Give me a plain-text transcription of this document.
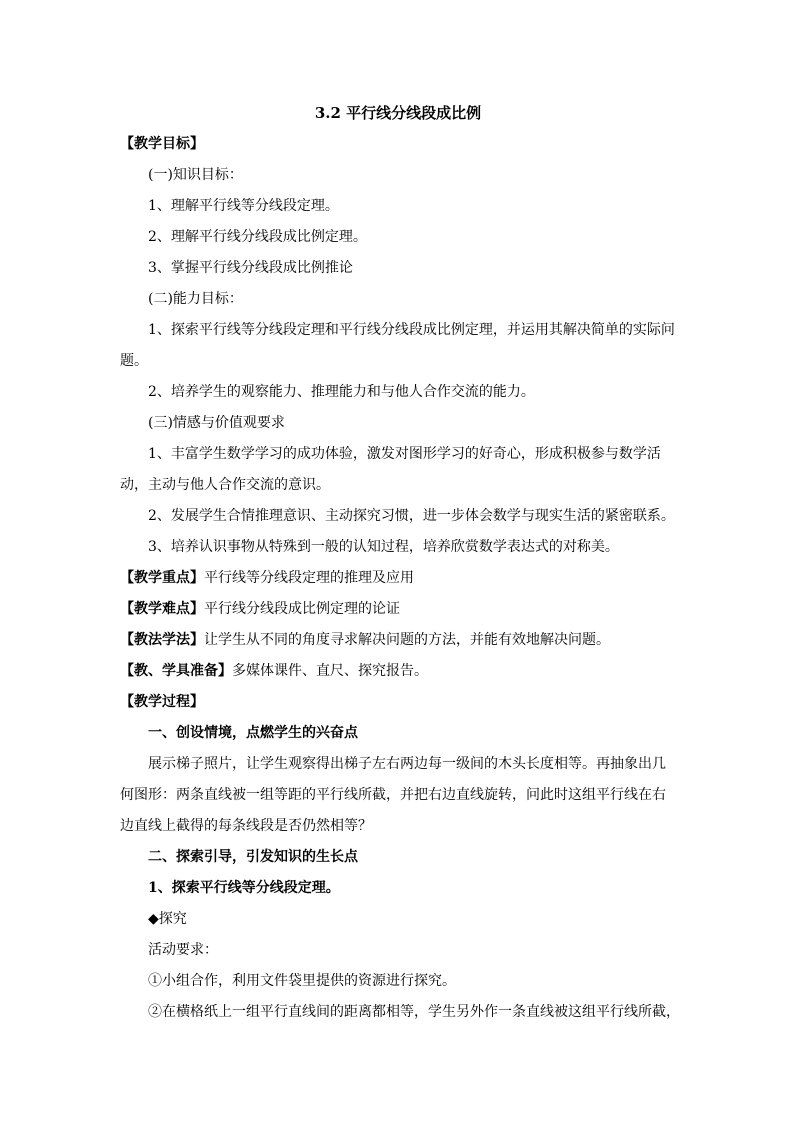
3.2 平行线分线段成比例

【教学目标】

(一)知识目标：

1、理解平行线等分线段定理。

2、理解平行线分线段成比例定理。

3、掌握平行线分线段成比例推论

(二)能力目标：

1、探索平行线等分线段定理和平行线分线段成比例定理，并运用其解决简单的实际问题。

2、培养学生的观察能力、推理能力和与他人合作交流的能力。

(三)情感与价值观要求

1、丰富学生数学学习的成功体验，激发对图形学习的好奇心，形成积极参与数学活动，主动与他人合作交流的意识。

2、发展学生合情推理意识、主动探究习惯，进一步体会数学与现实生活的紧密联系。

3、培养认识事物从特殊到一般的认知过程，培养欣赏数学表达式的对称美。

【教学重点】平行线等分线段定理的推理及应用

【教学难点】平行线分线段成比例定理的论证

【教法学法】让学生从不同的角度寻求解决问题的方法，并能有效地解决问题。

【教、学具准备】多媒体课件、直尺、探究报告。

【教学过程】

一、创设情境，点燃学生的兴奋点

展示梯子照片，让学生观察得出梯子左右两边每一级间的木头长度相等。再抽象出几何图形：两条直线被一组等距的平行线所截，并把右边直线旋转，问此时这组平行线在右边直线上截得的每条线段是否仍然相等？

二、探索引导，引发知识的生长点

1、探索平行线等分线段定理。

◆探究

活动要求：

①小组合作，利用文件袋里提供的资源进行探究。

②在横格纸上一组平行直线间的距离都相等，学生另外作一条直线被这组平行线所截，
